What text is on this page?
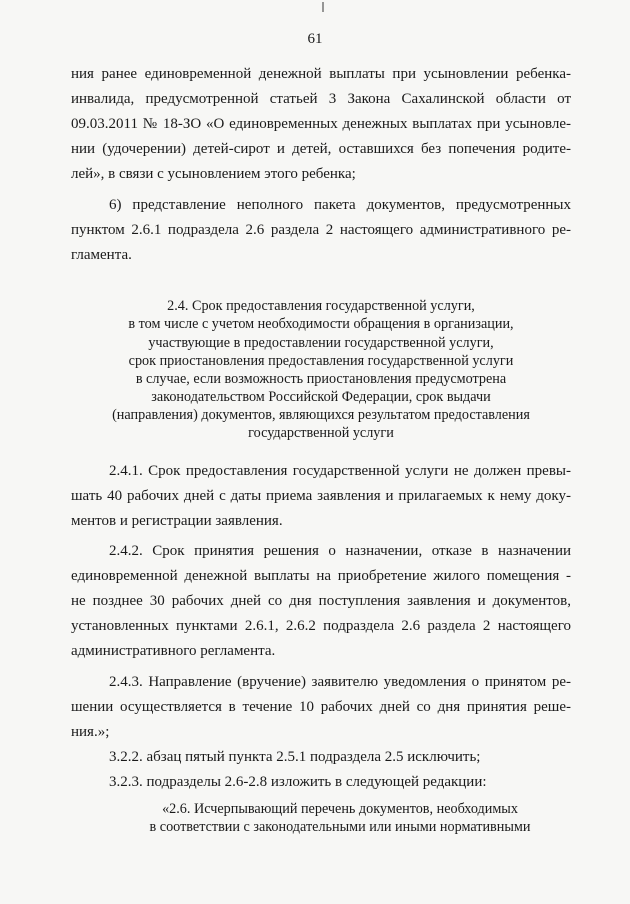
61
ния ранее единовременной денежной выплаты при усыновлении ребенка-
инвалида, предусмотренной статьей 3 Закона Сахалинской области от
09.03.2011 № 18-ЗО «О единовременных денежных выплатах при усыновле-
нии (удочерении) детей-сирот и детей, оставшихся без попечения родите-
лей», в связи с усыновлением этого ребенка;
6) представление неполного пакета документов, предусмотренных
пунктом 2.6.1 подраздела 2.6 раздела 2 настоящего административного ре-
гламента.
2.4. Срок предоставления государственной услуги,
в том числе с учетом необходимости обращения в организации,
участвующие в предоставлении государственной услуги,
срок приостановления предоставления государственной услуги
в случае, если возможность приостановления предусмотрена
законодательством Российской Федерации, срок выдачи
(направления) документов, являющихся результатом предоставления
государственной услуги
2.4.1. Срок предоставления государственной услуги не должен превы-
шать 40 рабочих дней с даты приема заявления и прилагаемых к нему доку-
ментов и регистрации заявления.
2.4.2. Срок принятия решения о назначении, отказе в назначении
единовременной денежной выплаты на приобретение жилого помещения -
не позднее 30 рабочих дней со дня поступления заявления и документов,
установленных пунктами 2.6.1, 2.6.2 подраздела 2.6 раздела 2 настоящего
административного регламента.
2.4.3. Направление (вручение) заявителю уведомления о принятом ре-
шении осуществляется в течение 10 рабочих дней со дня принятия реше-
ния.»;
3.2.2. абзац пятый пункта 2.5.1 подраздела 2.5 исключить;
3.2.3. подразделы 2.6-2.8 изложить в следующей редакции:
«2.6. Исчерпывающий перечень документов, необходимых
в соответствии с законодательными или иными нормативными
